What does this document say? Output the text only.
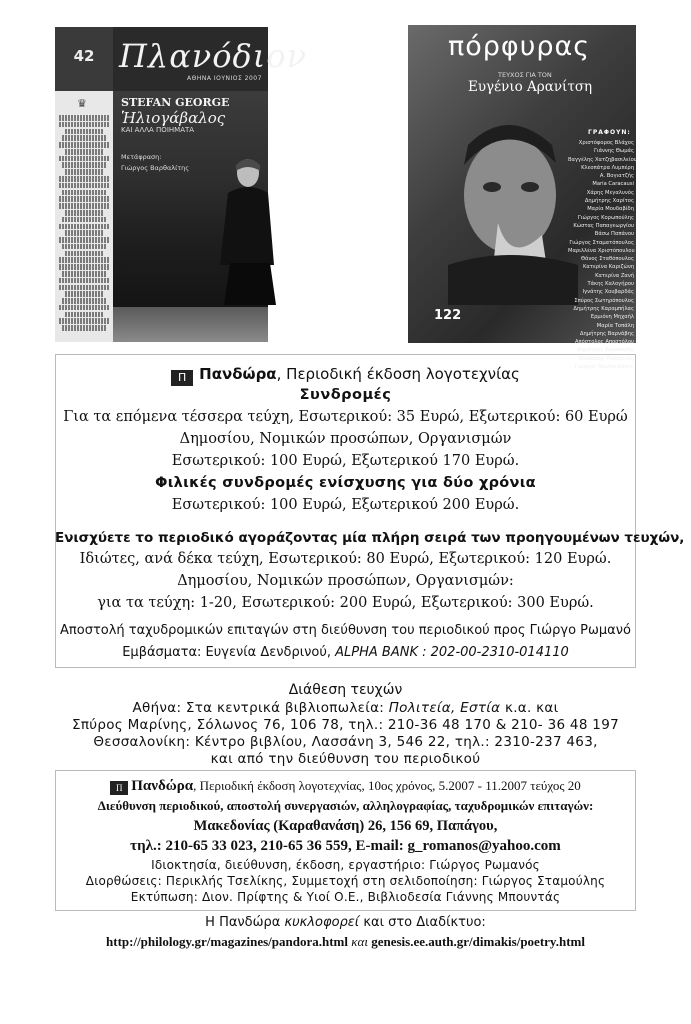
42 Πλανόδιον
ΑΘΗΝΑ ΙΟΥΝΙΟΣ 2007
♛	STEFAN GEORGE
Ἡλιογάβαλος
ΚΑΙ ΑΛΛΑ ΠΟΙΗΜΑΤΑ
Μετάφραση:
Γιώργος Βαρθαλίτης
πόρφυρας
ΤΕΥΧΟΣ ΓΙΑ ΤΟΝ
Ευγένιο Αρανίτση
ΓΡΑΦΟΥΝ:
Χριστόφορος Βλάχος
Γιάννης Θωμάς
Βαγγέλης Χατζηβασιλείου
Κλεοπάτρα Λυμπέρη
Α. Βογιατζής
Maria Caracausi
Χάρης Μεγαλυνός
Δημήτρης Χαρίτος
Μαρία Μουδαβίδη
Γιώργος Κορωπούλης
Κώστας Παπαγεωργίου
Βάσω Παπάνου
Γιώργος Σταματόπουλος
Μαριλλένα Χριστόπουλου
Θάνος Σταθόπουλος
Κατερίνα Καριζώνη
Κατερίνα Ζανή
Τάκης Καλογήρου
Ιγνάτης Χουβαρδάς
Σπύρος Σωτηρόπουλος
Δημήτρης Καραμπήλας
Ερμιόνη Μηχαήλ
Μαρία Τοπάλη
Δημήτρης Βαρνάβης
Απόστολος Αποστόλου
Δημήτρης Καλοκύρης
Θεοδόσης Πυλαρινός
Γιώργος Μουλουδάκης
122
Π Πανδώρα, Περιοδική έκδοση λογοτεχνίας
Συνδρομές
Για τα επόμενα τέσσερα τεύχη, Εσωτερικού: 35 Ευρώ, Εξωτερικού: 60 Ευρώ
Δημοσίου, Νομικών προσώπων, Οργανισμών
Εσωτερικού: 100 Ευρώ, Εξωτερικού 170 Ευρώ.
Φιλικές συνδρομές ενίσχυσης για δύο χρόνια
Εσωτερικού: 100 Ευρώ, Εξωτερικού 200 Ευρώ.
Ενισχύετε το περιοδικό αγοράζοντας μία πλήρη σειρά των προηγουμένων τευχών,
Ιδιώτες, ανά δέκα τεύχη, Εσωτερικού: 80 Ευρώ, Εξωτερικού: 120 Ευρώ.
Δημοσίου, Νομικών προσώπων, Οργανισμών:
για τα τεύχη: 1-20, Εσωτερικού: 200 Ευρώ, Εξωτερικού: 300 Ευρώ.
Αποστολή ταχυδρομικών επιταγών στη διεύθυνση του περιοδικού προς Γιώργο Ρωμανό
Εμβάσματα: Ευγενία Δενδρινού, ALPHA BANK : 202-00-2310-014110
Διάθεση τευχών
Αθήνα: Στα κεντρικά βιβλιοπωλεία: Πολιτεία, Εστία κ.α. και
Σπύρος Μαρίνης, Σόλωνος 76, 106 78, τηλ.: 210-36 48 170 & 210- 36 48 197
Θεσσαλονίκη: Κέντρο βιβλίου, Λασσάνη 3, 546 22, τηλ.: 2310-237 463,
και από την διεύθυνση του περιοδικού
Π Πανδώρα, Περιοδική έκδοση λογοτεχνίας, 10ος χρόνος, 5.2007 - 11.2007 τεύχος 20
Διεύθυνση περιοδικού, αποστολή συνεργασιών, αλληλογραφίας, ταχυδρομικών επιταγών:
Μακεδονίας (Καραθανάση) 26, 156 69, Παπάγου,
τηλ.: 210-65 33 023, 210-65 36 559, E-mail: g_romanos@yahoo.com
Ιδιοκτησία, διεύθυνση, έκδοση, εργαστήριο: Γιώργος Ρωμανός
Διορθώσεις: Περικλής Τσελίκης, Συμμετοχή στη σελιδοποίηση: Γιώργος Σταμούλης
Εκτύπωση: Διον. Πρίφτης & Υιοί Ο.Ε., Βιβλιοδεσία Γιάννης Μπουντάς
Η Πανδώρα κυκλοφορεί και στο Διαδίκτυο:
http://philology.gr/magazines/pandora.html και genesis.ee.auth.gr/dimakis/poetry.html
